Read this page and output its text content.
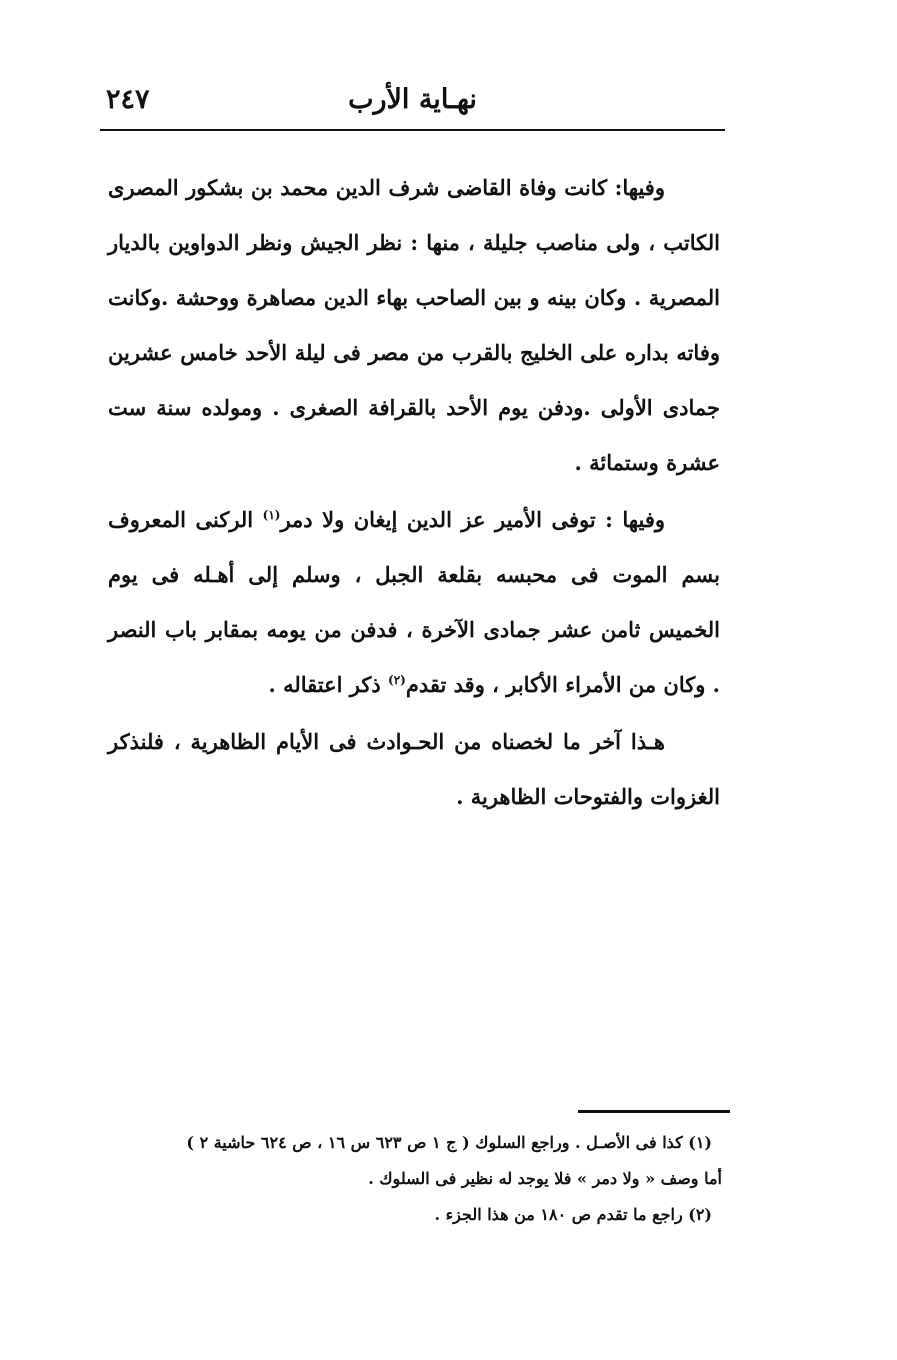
نهـاية الأرب
٢٤٧

وفيها: كانت وفاة القاضى شرف الدين محمد بن بشكور المصرى الكاتب ، ولى مناصب جليلة ، منها : نظر الجيش ونظر الدواوين بالديار المصرية . وكان بينه و بين الصاحب بهاء الدين مصاهرة ووحشة .وكانت وفاته بداره على الخليج بالقرب من مصر فى ليلة الأحد خامس عشرين جمادى الأولى .ودفن يوم الأحد بالقرافة الصغرى . ومولده سنة ست عشرة وستمائة .

وفيها : توفى الأمير عز الدين إيغان ولا دمر$^{(١)}$ الركنى المعروف بسم الموت فى محبسه بقلعة الجبل ، وسلم إلى أهـله فى يوم الخميس ثامن عشر جمادى الآخرة ، فدفن من يومه بمقابر باب النصر . وكان من الأمراء الأكابر ، وقد تقدم$^{(٢)}$ ذكر اعتقاله .

هـذا آخر ما لخصناه من الحـوادث فى الأيام الظاهرية ، فلنذكر الغزوات والفتوحات الظاهرية .

(١) كذا فى الأصـل . وراجع السلوك ( ج ١ ص ٦٢٣ س ١٦ ، ص ٦٢٤ حاشية ٢ )
أما وصف « ولا دمر » فلا يوجد له نظير فى السلوك .
(٢) راجع ما تقدم ص ١٨٠ من هذا الجزء .
